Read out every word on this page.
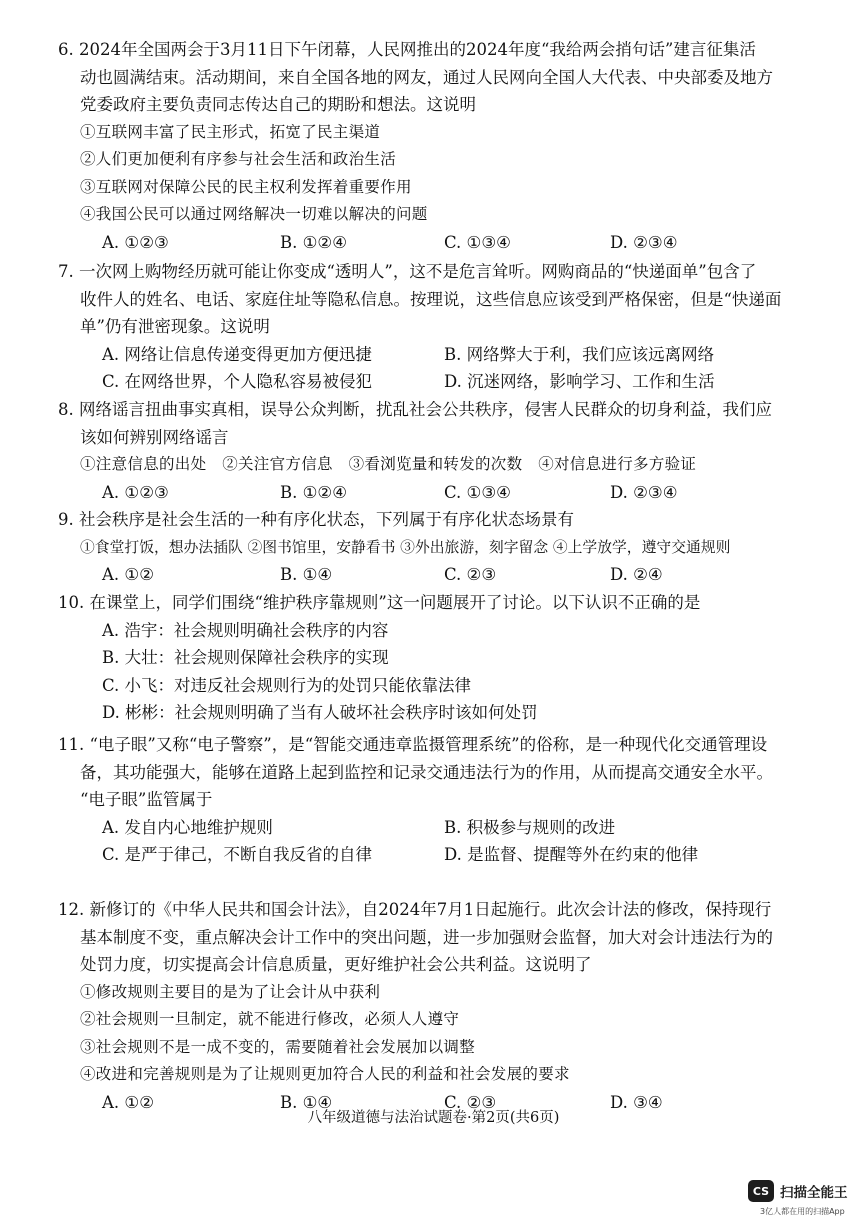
6. 2024年全国两会于3月11日下午闭幕，人民网推出的2024年度“我给两会捎句话”建言征集活
动也圆满结束。活动期间，来自全国各地的网友，通过人民网向全国人大代表、中央部委及地方
党委政府主要负责同志传达自己的期盼和想法。这说明
①互联网丰富了民主形式，拓宽了民主渠道
②人们更加便利有序参与社会生活和政治生活
③互联网对保障公民的民主权利发挥着重要作用
④我国公民可以通过网络解决一切难以解决的问题
A. ①②③	B. ①②④	C. ①③④	D. ②③④
7. 一次网上购物经历就可能让你变成“透明人”，这不是危言耸听。网购商品的“快递面单”包含了
收件人的姓名、电话、家庭住址等隐私信息。按理说，这些信息应该受到严格保密，但是“快递面
单”仍有泄密现象。这说明
A. 网络让信息传递变得更加方便迅捷	B. 网络弊大于利，我们应该远离网络
C. 在网络世界，个人隐私容易被侵犯	D. 沉迷网络，影响学习、工作和生活
8. 网络谣言扭曲事实真相，误导公众判断，扰乱社会公共秩序，侵害人民群众的切身利益，我们应
该如何辨别网络谣言
①注意信息的出处　②关注官方信息　③看浏览量和转发的次数　④对信息进行多方验证
A. ①②③	B. ①②④	C. ①③④	D. ②③④
9. 社会秩序是社会生活的一种有序化状态，下列属于有序化状态场景有
①食堂打饭，想办法插队 ②图书馆里，安静看书 ③外出旅游，刻字留念 ④上学放学，遵守交通规则
A. ①②	B. ①④	C. ②③	D. ②④
10. 在课堂上，同学们围绕“维护秩序靠规则”这一问题展开了讨论。以下认识不正确的是
A. 浩宇：社会规则明确社会秩序的内容
B. 大壮：社会规则保障社会秩序的实现
C. 小飞：对违反社会规则行为的处罚只能依靠法律
D. 彬彬：社会规则明确了当有人破坏社会秩序时该如何处罚
11. “电子眼”又称“电子警察”，是“智能交通违章监摄管理系统”的俗称，是一种现代化交通管理设
备，其功能强大，能够在道路上起到监控和记录交通违法行为的作用，从而提高交通安全水平。
“电子眼”监管属于
A. 发自内心地维护规则	B. 积极参与规则的改进
C. 是严于律己，不断自我反省的自律	D. 是监督、提醒等外在约束的他律
12. 新修订的《中华人民共和国会计法》，自2024年7月1日起施行。此次会计法的修改，保持现行
基本制度不变，重点解决会计工作中的突出问题，进一步加强财会监督，加大对会计违法行为的
处罚力度，切实提高会计信息质量，更好维护社会公共利益。这说明了
①修改规则主要目的是为了让会计从中获利
②社会规则一旦制定，就不能进行修改，必须人人遵守
③社会规则不是一成不变的，需要随着社会发展加以调整
④改进和完善规则是为了让规则更加符合人民的利益和社会发展的要求
A. ①②	B. ①④	C. ②③	D. ③④
八年级道德与法治试题卷·第2页(共6页)
CS 扫描全能王
3亿人都在用的扫描App
